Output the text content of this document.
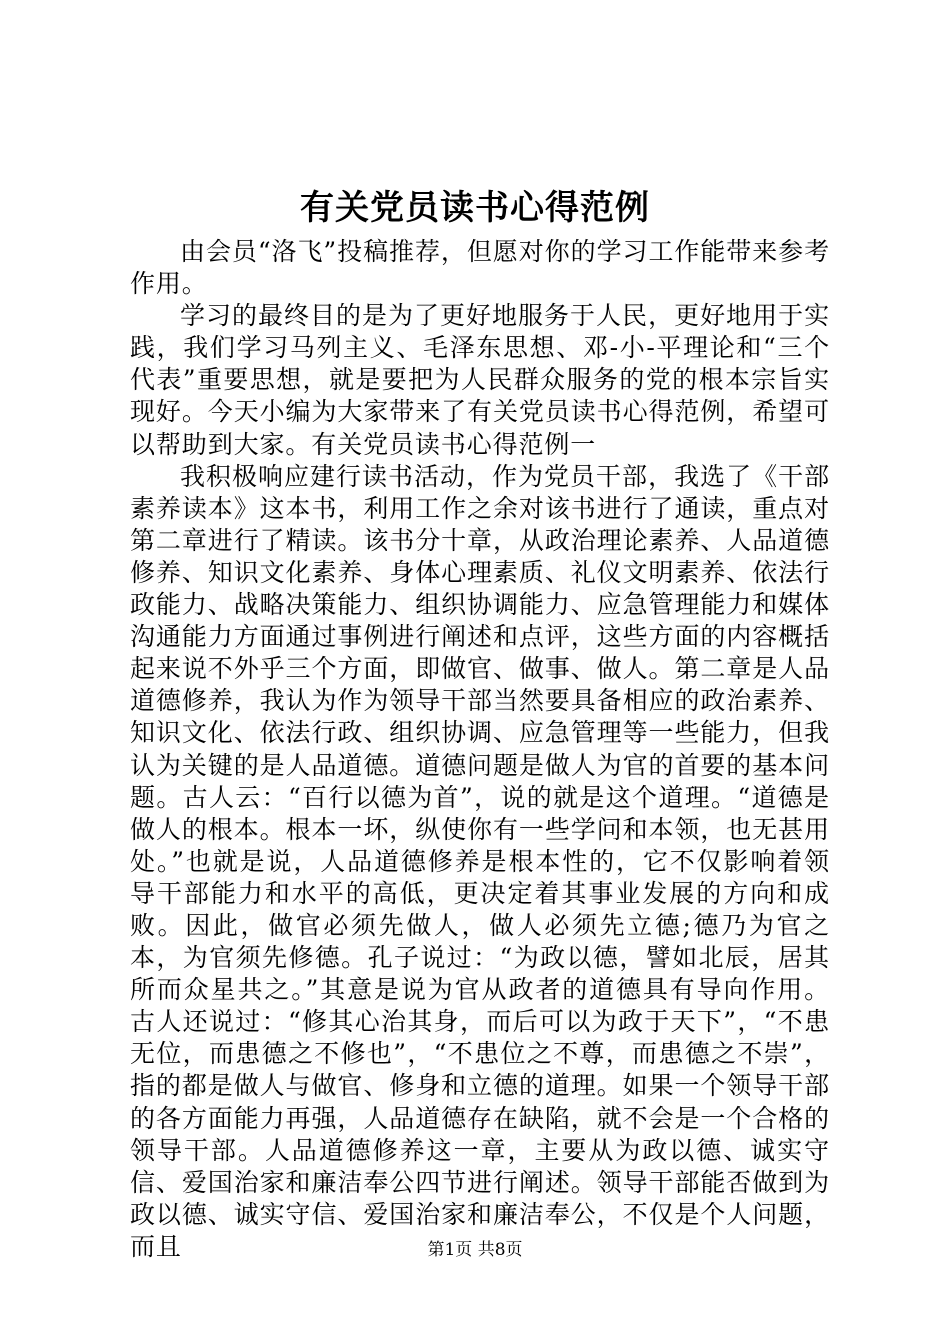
有关党员读书心得范例

由会员“洛飞”投稿推荐，但愿对你的学习工作能带来参考作用。

学习的最终目的是为了更好地服务于人民，更好地用于实践，我们学习马列主义、毛泽东思想、邓-小-平理论和“三个代表”重要思想，就是要把为人民群众服务的党的根本宗旨实现好。今天小编为大家带来了有关党员读书心得范例，希望可以帮助到大家。有关党员读书心得范例一

我积极响应建行读书活动，作为党员干部，我选了《干部素养读本》这本书，利用工作之余对该书进行了通读，重点对第二章进行了精读。该书分十章，从政治理论素养、人品道德修养、知识文化素养、身体心理素质、礼仪文明素养、依法行政能力、战略决策能力、组织协调能力、应急管理能力和媒体沟通能力方面通过事例进行阐述和点评，这些方面的内容概括起来说不外乎三个方面，即做官、做事、做人。第二章是人品道德修养，我认为作为领导干部当然要具备相应的政治素养、知识文化、依法行政、组织协调、应急管理等一些能力，但我认为关键的是人品道德。道德问题是做人为官的首要的基本问题。古人云：“百行以德为首”，说的就是这个道理。“道德是做人的根本。根本一坏，纵使你有一些学问和本领，也无甚用处。”也就是说，人品道德修养是根本性的，它不仅影响着领导干部能力和水平的高低，更决定着其事业发展的方向和成败。因此，做官必须先做人，做人必须先立德;德乃为官之本，为官须先修德。孔子说过：“为政以德，譬如北辰，居其所而众星共之。”其意是说为官从政者的道德具有导向作用。古人还说过：“修其心治其身，而后可以为政于天下”，“不患无位，而患德之不修也”，“不患位之不尊，而患德之不崇”，指的都是做人与做官、修身和立德的道理。如果一个领导干部的各方面能力再强，人品道德存在缺陷，就不会是一个合格的领导干部。人品道德修养这一章，主要从为政以德、诚实守信、爱国治家和廉洁奉公四节进行阐述。领导干部能否做到为政以德、诚实守信、爱国治家和廉洁奉公，不仅是个人问题，而且	第1页 共8页
